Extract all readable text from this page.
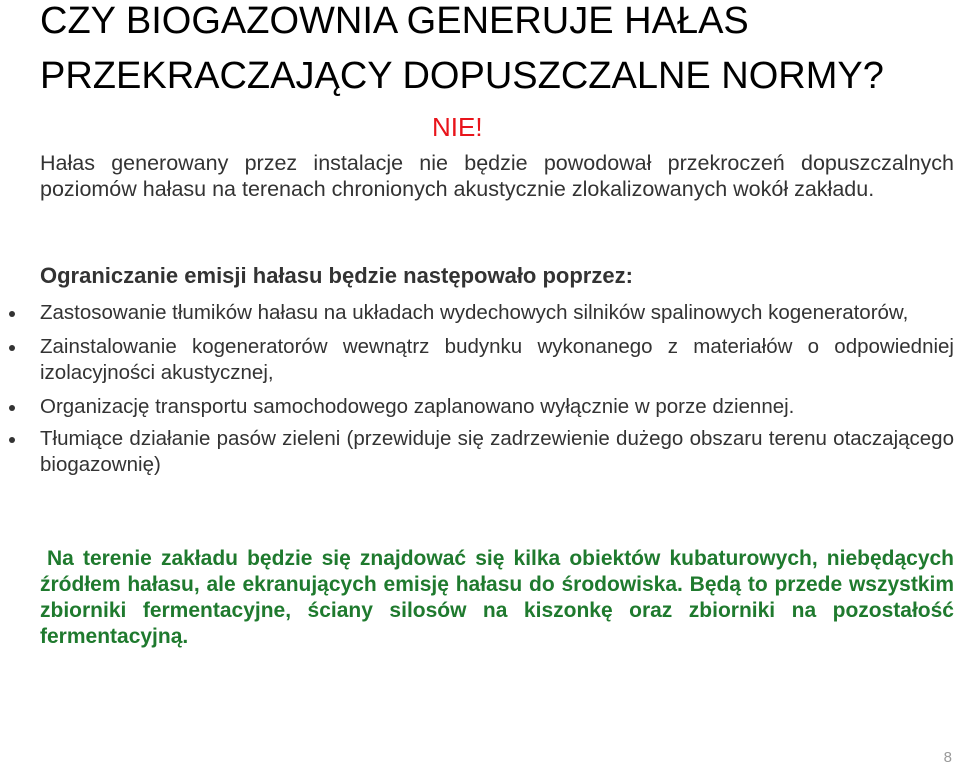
CZY BIOGAZOWNIA GENERUJE HAŁAS
PRZEKRACZAJĄCY DOPUSZCZALNE NORMY?
NIE!

Hałas generowany przez instalacje nie będzie powodował przekroczeń dopuszczalnych poziomów hałasu na terenach chronionych akustycznie zlokalizowanych wokół zakładu.

Ograniczanie emisji hałasu będzie następowało poprzez:
Zastosowanie tłumików hałasu na układach wydechowych silników spalinowych kogeneratorów,
Zainstalowanie kogeneratorów wewnątrz budynku wykonanego z materiałów o odpowiedniej izolacyjności akustycznej,
Organizację transportu samochodowego zaplanowano wyłącznie w porze dziennej.
Tłumiące działanie pasów zieleni (przewiduje się zadrzewienie dużego obszaru terenu otaczającego biogazownię)

Na terenie zakładu będzie się znajdować się kilka obiektów kubaturowych, niebędących źródłem hałasu, ale ekranujących emisję hałasu do środowiska. Będą to przede wszystkim zbiorniki fermentacyjne, ściany silosów na kiszonkę oraz zbiorniki na pozostałość fermentacyjną.

8
